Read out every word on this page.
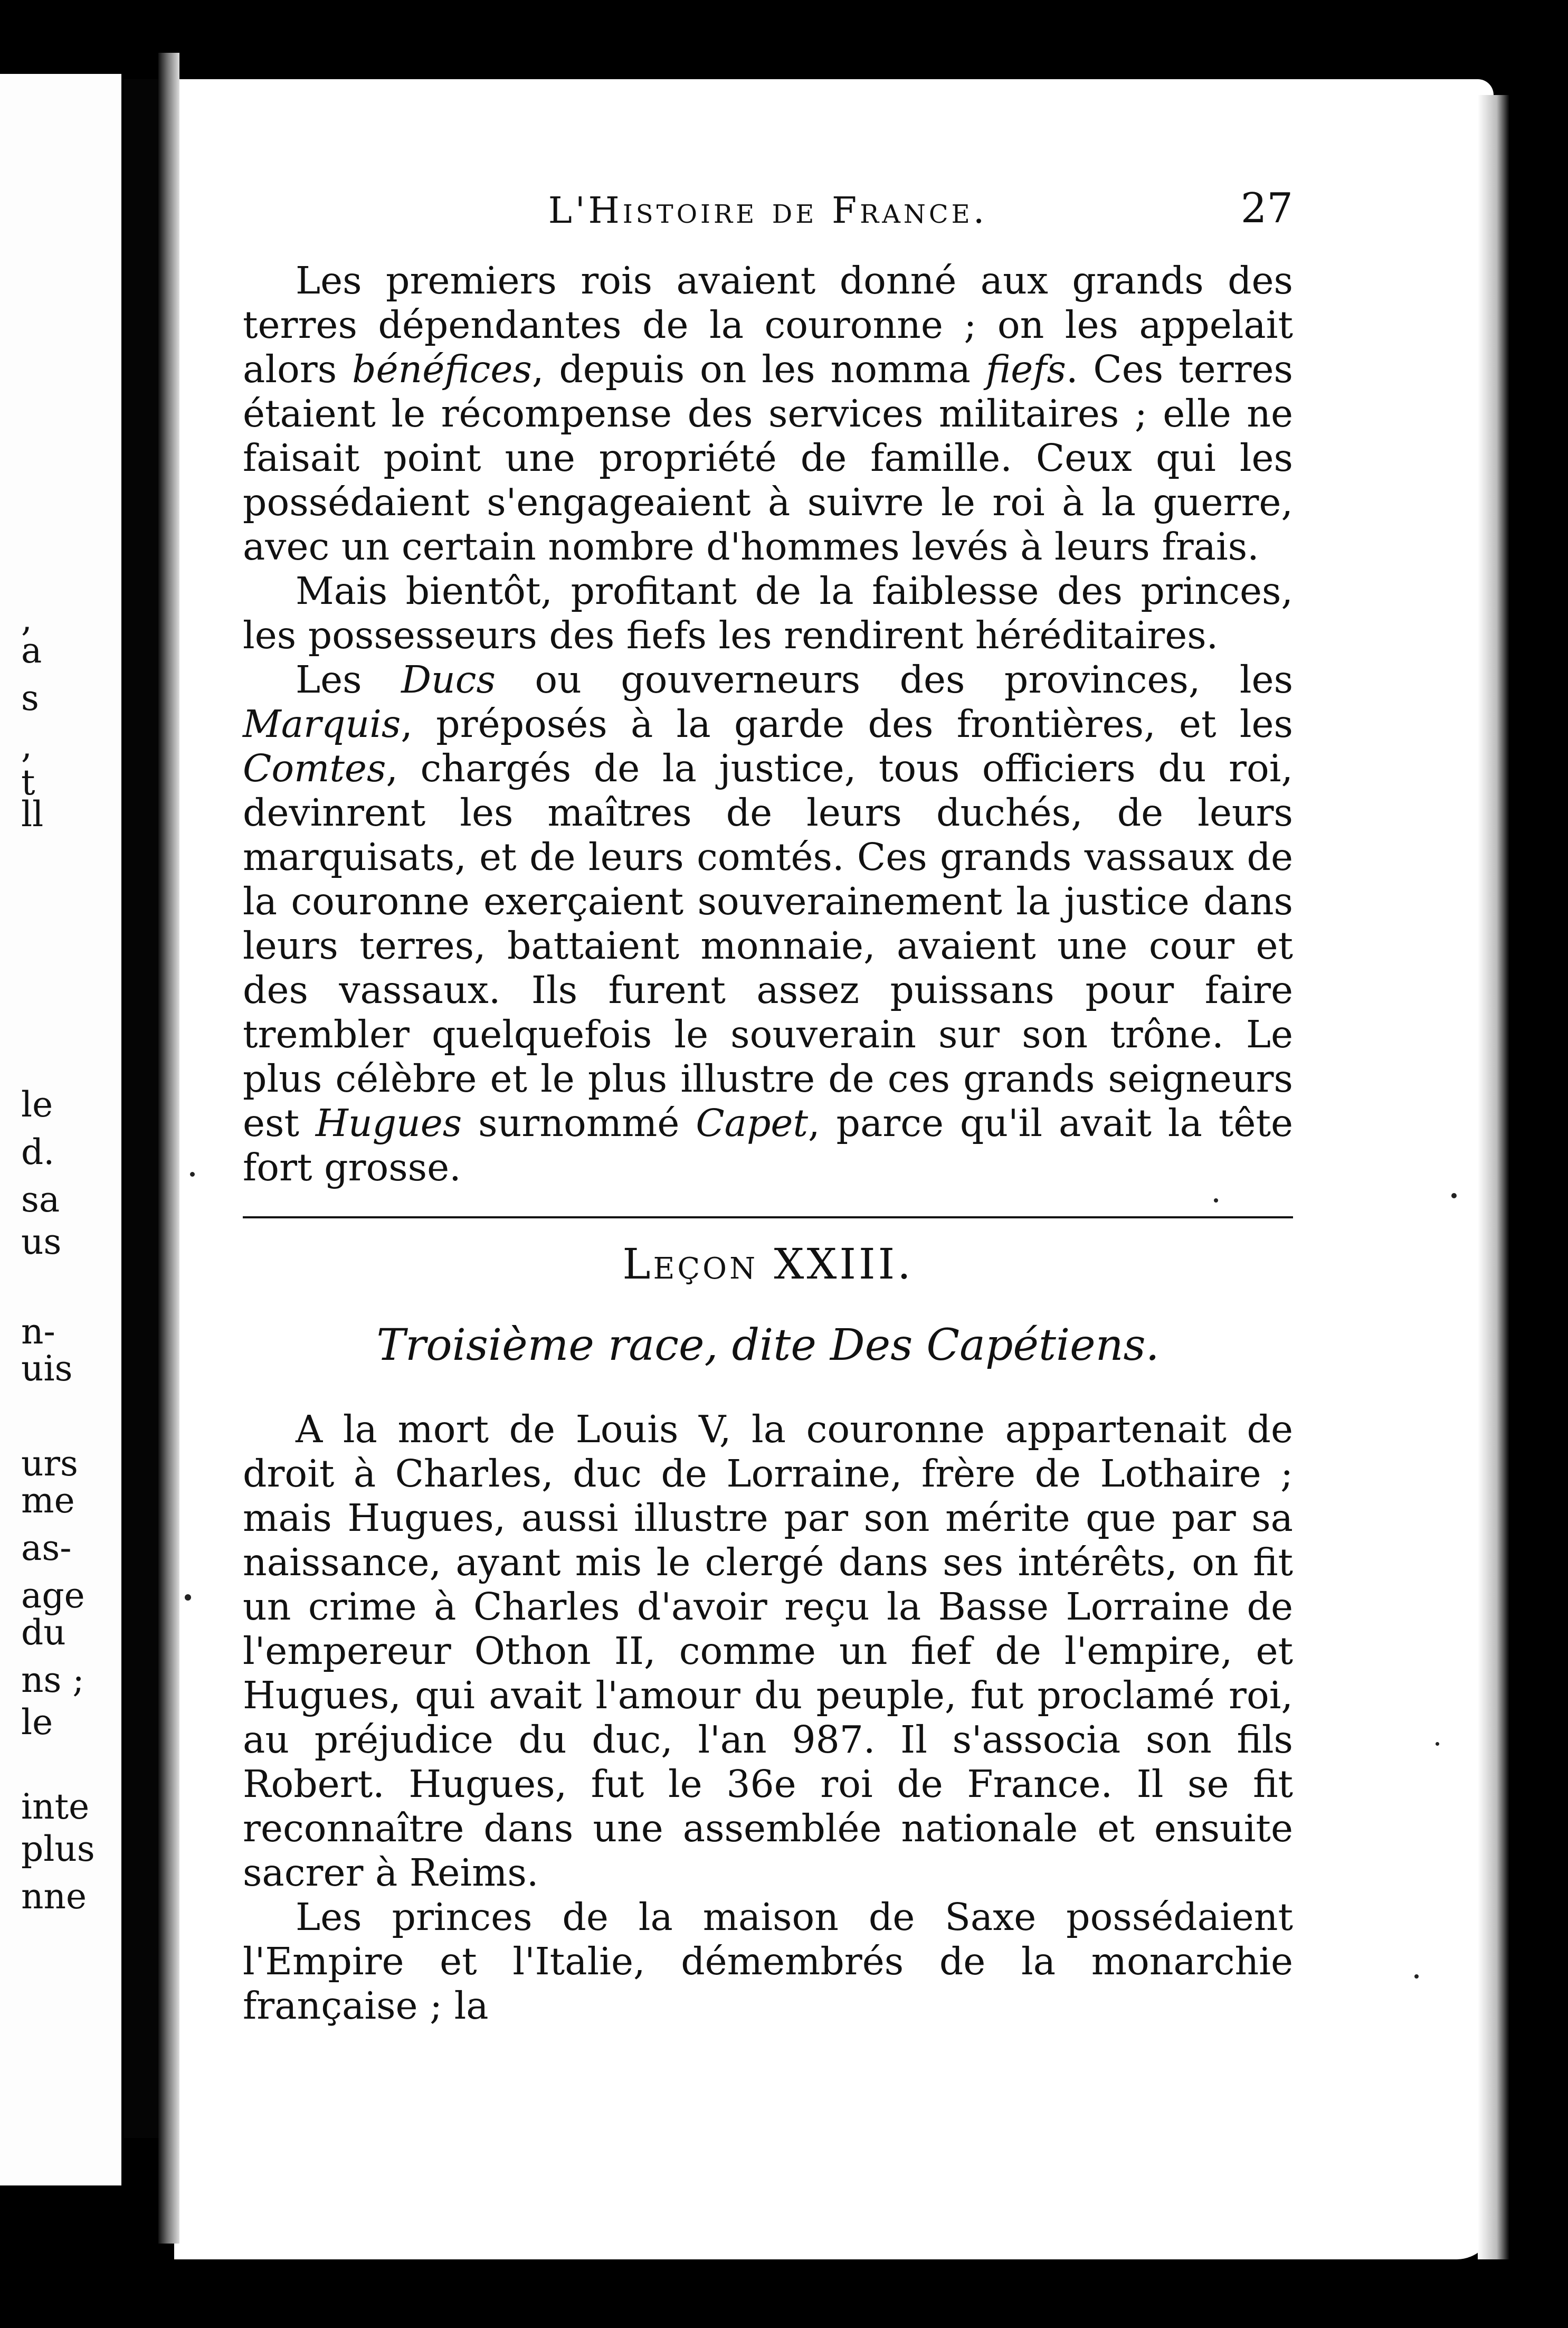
,
a
s
,
t
ll
le
d.
sa
us
n-
uis
urs
me
as-
age
du
ns ;
le
inte
plus
nne
L'Histoire de France.	27

Les premiers rois avaient donné aux grands des terres dépendantes de la couronne ; on les appelait alors bénéfices, depuis on les nomma fiefs. Ces terres étaient le récompense des services militaires ; elle ne faisait point une propriété de famille. Ceux qui les possédaient s'engageaient à suivre le roi à la guerre, avec un certain nombre d'hommes levés à leurs frais.

Mais bientôt, profitant de la faiblesse des princes, les possesseurs des fiefs les rendirent héréditaires.

Les Ducs ou gouverneurs des provinces, les Marquis, préposés à la garde des frontières, et les Comtes, chargés de la justice, tous officiers du roi, devinrent les maîtres de leurs duchés, de leurs marquisats, et de leurs comtés. Ces grands vassaux de la couronne exerçaient souverainement la justice dans leurs terres, battaient monnaie, avaient une cour et des vassaux. Ils furent assez puissans pour faire trembler quelquefois le souverain sur son trône. Le plus célèbre et le plus illustre de ces grands seigneurs est Hugues surnommé Capet, parce qu'il avait la tête fort grosse.

Leçon XXIII.
Troisième race, dite Des Capétiens.

A la mort de Louis V, la couronne appartenait de droit à Charles, duc de Lorraine, frère de Lothaire ; mais Hugues, aussi illustre par son mérite que par sa naissance, ayant mis le clergé dans ses intérêts, on fit un crime à Charles d'avoir reçu la Basse Lorraine de l'empereur Othon II, comme un fief de l'empire, et Hugues, qui avait l'amour du peuple, fut proclamé roi, au préjudice du duc, l'an 987. Il s'associa son fils Robert. Hugues, fut le 36e roi de France. Il se fit reconnaître dans une assemblée nationale et ensuite sacrer à Reims.

Les princes de la maison de Saxe possédaient l'Empire et l'Italie, démembrés de la monarchie française ; la
